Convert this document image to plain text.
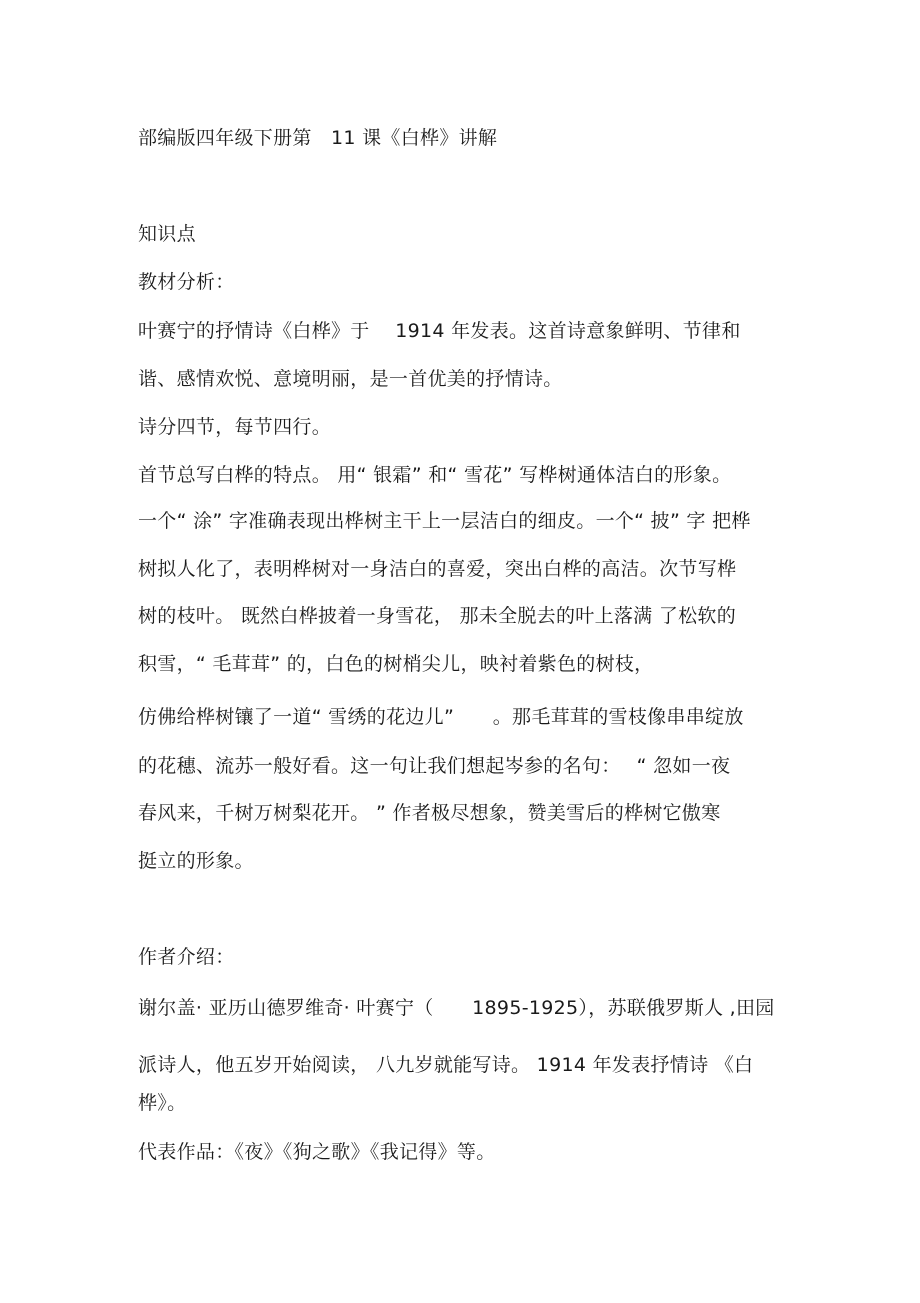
部编版四年级下册第　11 课《白桦》讲解
知识点
教材分析：
叶赛宁的抒情诗《白桦》于　 1914 年发表。这首诗意象鲜明、节律和
谐、感情欢悦、意境明丽，是一首优美的抒情诗。
诗分四节，每节四行。
首节总写白桦的特点。 用“ 银霜” 和“ 雪花” 写桦树通体洁白的形象。
一个“ 涂” 字准确表现出桦树主干上一层洁白的细皮。一个“ 披” 字 把桦
树拟人化了，表明桦树对一身洁白的喜爱，突出白桦的高洁。次节写桦
树的枝叶。 既然白桦披着一身雪花， 那未全脱去的叶上落满 了松软的
积雪，“ 毛茸茸” 的，白色的树梢尖儿，映衬着紫色的树枝，
仿佛给桦树镶了一道“ 雪绣的花边儿”　　。那毛茸茸的雪枝像串串绽放
的花穗、流苏一般好看。这一句让我们想起岑参的名句：　 “ 忽如一夜
春风来，千树万树梨花开。 ” 作者极尽想象，赞美雪后的桦树它傲寒
挺立的形象。
作者介绍：
谢尔盖· 亚历山德罗维奇· 叶赛宁（　　1895-1925），苏联俄罗斯人 ,田园
派诗人，他五岁开始阅读， 八九岁就能写诗。 1914 年发表抒情诗 《白
桦》。
代表作品：《夜》《狗之歌》《我记得》等。
